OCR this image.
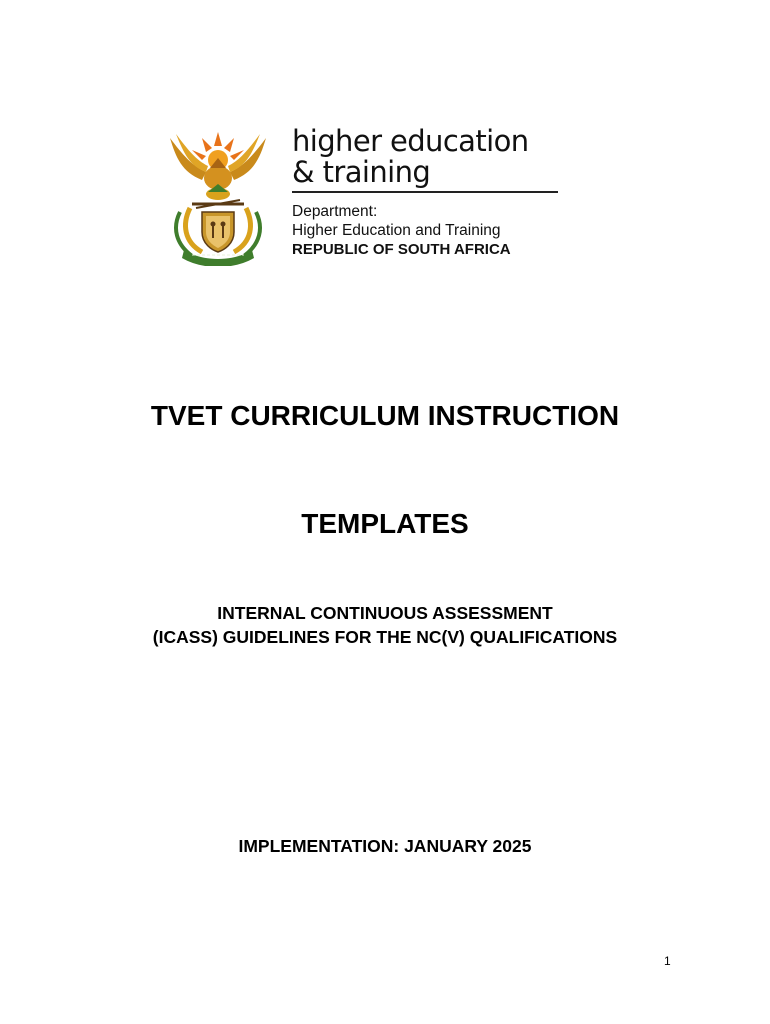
higher education
& training
Department:
Higher Education and Training
REPUBLIC OF SOUTH AFRICA
TVET CURRICULUM INSTRUCTION
TEMPLATES
INTERNAL CONTINUOUS ASSESSMENT
(ICASS) GUIDELINES FOR THE NC(V) QUALIFICATIONS
IMPLEMENTATION: JANUARY 2025
1
